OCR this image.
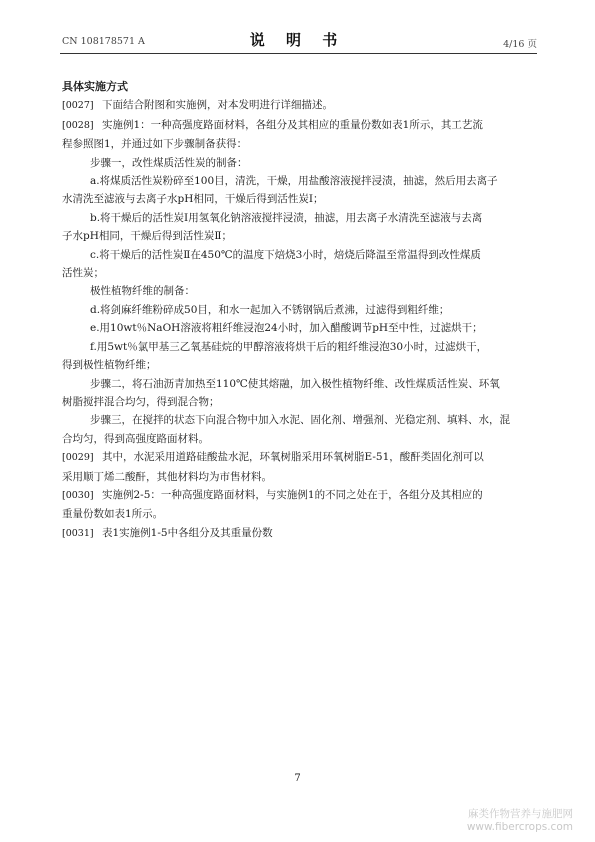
CN 108178571 A	说 明 书	4/16 页
具体实施方式
[0027] 下面结合附图和实施例，对本发明进行详细描述。
[0028] 实施例1：一种高强度路面材料，各组分及其相应的重量份数如表1所示，其工艺流
程参照图1，并通过如下步骤制备获得：
步骤一，改性煤质活性炭的制备：
a.将煤质活性炭粉碎至100目，清洗，干燥，用盐酸溶液搅拌浸渍，抽滤，然后用去离子
水清洗至滤液与去离子水pH相同，干燥后得到活性炭Ⅰ；
b.将干燥后的活性炭Ⅰ用氢氧化钠溶液搅拌浸渍，抽滤，用去离子水清洗至滤液与去离
子水pH相同，干燥后得到活性炭Ⅱ；
c.将干燥后的活性炭Ⅱ在450℃的温度下焙烧3小时，焙烧后降温至常温得到改性煤质
活性炭；
极性植物纤维的制备：
d.将剑麻纤维粉碎成50目，和水一起加入不锈钢锅后煮沸，过滤得到粗纤维；
e.用10wt％NaOH溶液将粗纤维浸泡24小时，加入醋酸调节pH至中性，过滤烘干；
f.用5wt％氯甲基三乙氧基硅烷的甲醇溶液将烘干后的粗纤维浸泡30小时，过滤烘干，
得到极性植物纤维；
步骤二，将石油沥青加热至110℃使其熔融，加入极性植物纤维、改性煤质活性炭、环氧
树脂搅拌混合均匀，得到混合物；
步骤三，在搅拌的状态下向混合物中加入水泥、固化剂、增强剂、光稳定剂、填料、水，混
合均匀，得到高强度路面材料。
[0029] 其中，水泥采用道路硅酸盐水泥，环氧树脂采用环氧树脂E-51，酸酐类固化剂可以
采用顺丁烯二酸酐，其他材料均为市售材料。
[0030] 实施例2-5：一种高强度路面材料，与实施例1的不同之处在于，各组分及其相应的
重量份数如表1所示。
[0031] 表1实施例1-5中各组分及其重量份数
7
麻类作物营养与施肥网
www.fibercrops.com
